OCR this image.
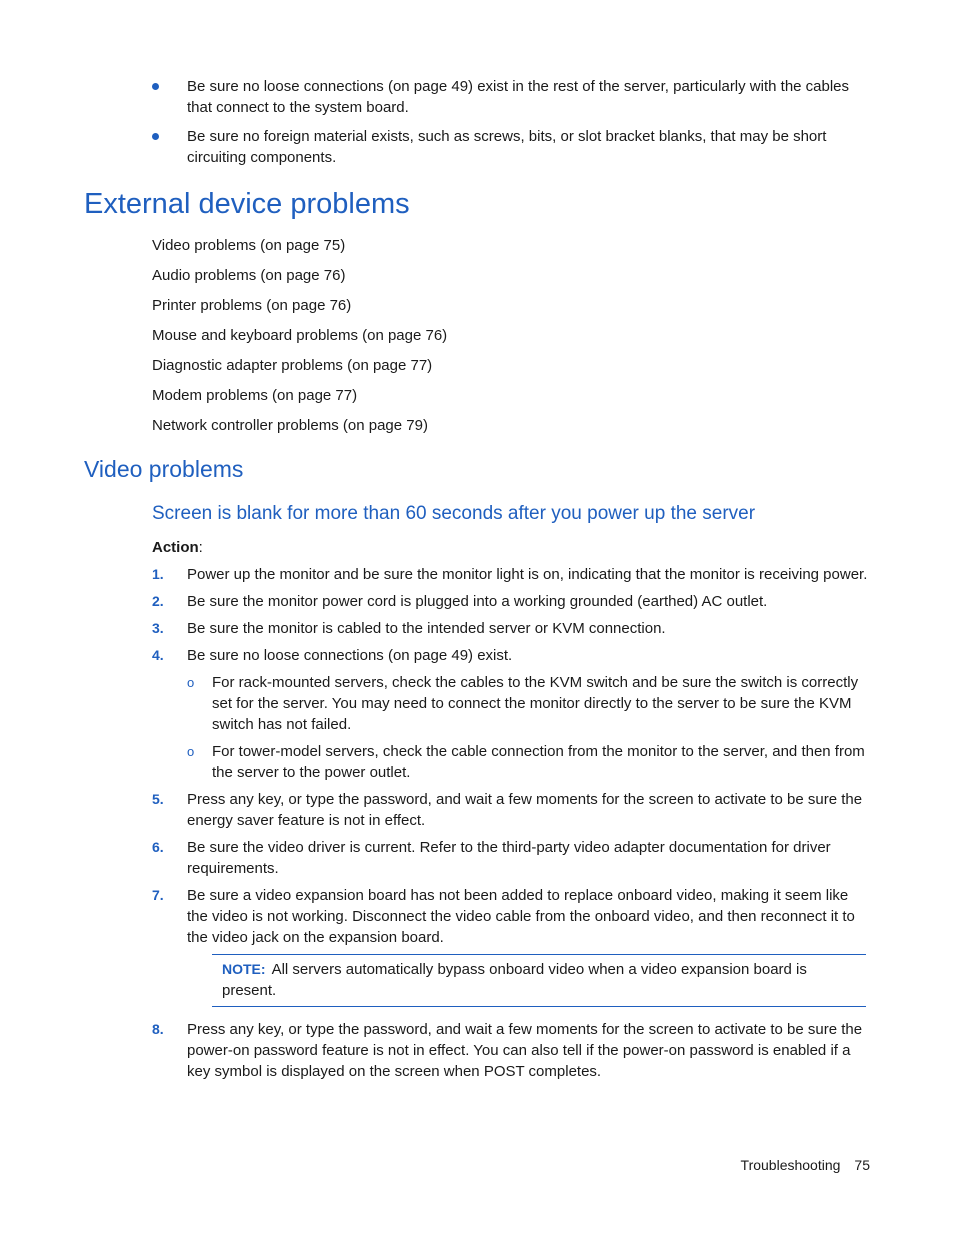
Be sure no loose connections (on page 49) exist in the rest of the server, particularly with the cables that connect to the system board.
Be sure no foreign material exists, such as screws, bits, or slot bracket blanks, that may be short circuiting components.
External device problems
Video problems (on page 75)
Audio problems (on page 76)
Printer problems (on page 76)
Mouse and keyboard problems (on page 76)
Diagnostic adapter problems (on page 77)
Modem problems (on page 77)
Network controller problems (on page 79)
Video problems
Screen is blank for more than 60 seconds after you power up the server
Action:
1. Power up the monitor and be sure the monitor light is on, indicating that the monitor is receiving power.
2. Be sure the monitor power cord is plugged into a working grounded (earthed) AC outlet.
3. Be sure the monitor is cabled to the intended server or KVM connection.
4. Be sure no loose connections (on page 49) exist.
o For rack-mounted servers, check the cables to the KVM switch and be sure the switch is correctly set for the server. You may need to connect the monitor directly to the server to be sure the KVM switch has not failed.
o For tower-model servers, check the cable connection from the monitor to the server, and then from the server to the power outlet.
5. Press any key, or type the password, and wait a few moments for the screen to activate to be sure the energy saver feature is not in effect.
6. Be sure the video driver is current. Refer to the third-party video adapter documentation for driver requirements.
7. Be sure a video expansion board has not been added to replace onboard video, making it seem like the video is not working. Disconnect the video cable from the onboard video, and then reconnect it to the video jack on the expansion board.
NOTE: All servers automatically bypass onboard video when a video expansion board is present.
8. Press any key, or type the password, and wait a few moments for the screen to activate to be sure the power-on password feature is not in effect. You can also tell if the power-on password is enabled if a key symbol is displayed on the screen when POST completes.
Troubleshooting 75
